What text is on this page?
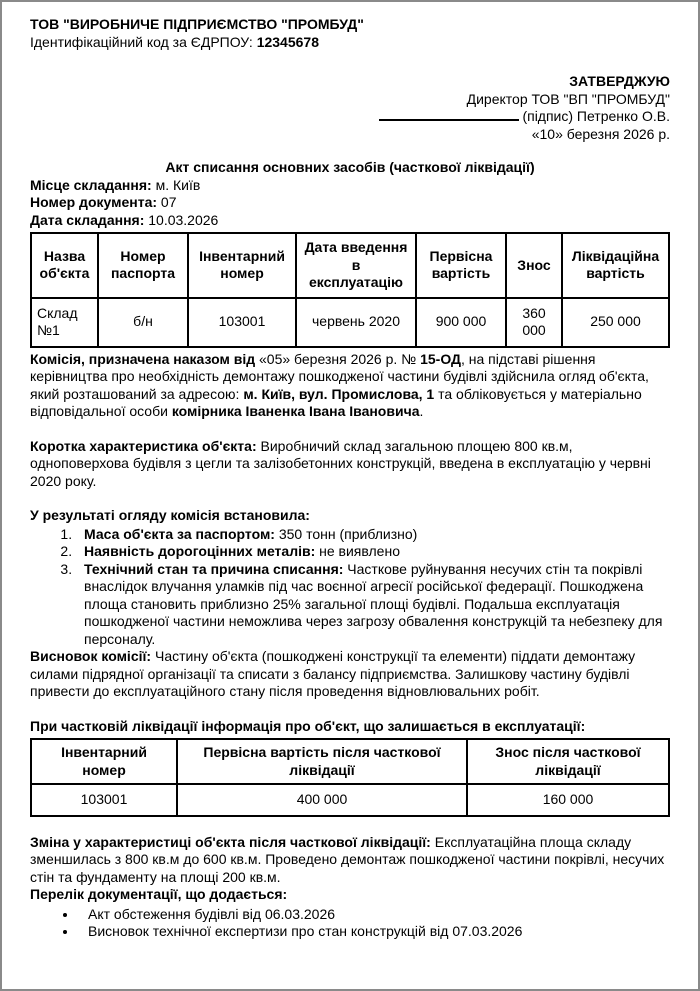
ТОВ "ВИРОБНИЧЕ ПІДПРИЄМСТВО "ПРОМБУД"
Ідентифікаційний код за ЄДРПОУ: 12345678
ЗАТВЕРДЖУЮ
Директор ТОВ "ВП "ПРОМБУД"
(підпис) Петренко О.В.
«10» березня 2026 р.
Акт списання основних засобів (часткової ліквідації)
Місце складання: м. Київ
Номер документа: 07
Дата складання: 10.03.2026
Назва об'єкта	Номер паспорта	Інвентарний номер	Дата введення в експлуатацію	Первісна вартість	Знос	Ліквідаційна вартість
Склад №1	б/н	103001	червень 2020	900 000	360 000	250 000

Комісія, призначена наказом від «05» березня 2026 р. № 15-ОД, на підставі рішення керівництва про необхідність демонтажу пошкодженої частини будівлі здійснила огляд об'єкта, який розташований за адресою: м. Київ, вул. Промислова, 1 та обліковується у матеріально відповідальної особи комірника Іваненка Івана Івановича.

Коротка характеристика об'єкта: Виробничий склад загальною площею 800 кв.м, одноповерхова будівля з цегли та залізобетонних конструкцій, введена в експлуатацію у червні 2020 року.

У результаті огляду комісія встановила:

1. Маса об'єкта за паспортом: 350 тонн (приблизно)
2. Наявність дорогоцінних металів: не виявлено
3. Технічний стан та причина списання: Часткове руйнування несучих стін та покрівлі внаслідок влучання уламків під час воєнної агресії російської федерації. Пошкоджена площа становить приблизно 25% загальної площі будівлі. Подальша експлуатація пошкодженої частини неможлива через загрозу обвалення конструкцій та небезпеку для персоналу.

Висновок комісії: Частину об'єкта (пошкоджені конструкції та елементи) піддати демонтажу силами підрядної організації та списати з балансу підприємства. Залишкову частину будівлі привести до експлуатаційного стану після проведення відновлювальних робіт.

При частковій ліквідації інформація про об'єкт, що залишається в експлуатації:

Інвентарний номер	Первісна вартість після часткової ліквідації	Знос після часткової ліквідації
103001	400 000	160 000

Зміна у характеристиці об'єкта після часткової ліквідації: Експлуатаційна площа складу зменшилась з 800 кв.м до 600 кв.м. Проведено демонтаж пошкодженої частини покрівлі, несучих стін та фундаменту на площі 200 кв.м.

Перелік документації, що додається:

• Акт обстеження будівлі від 06.03.2026
• Висновок технічної експертизи про стан конструкцій від 07.03.2026
